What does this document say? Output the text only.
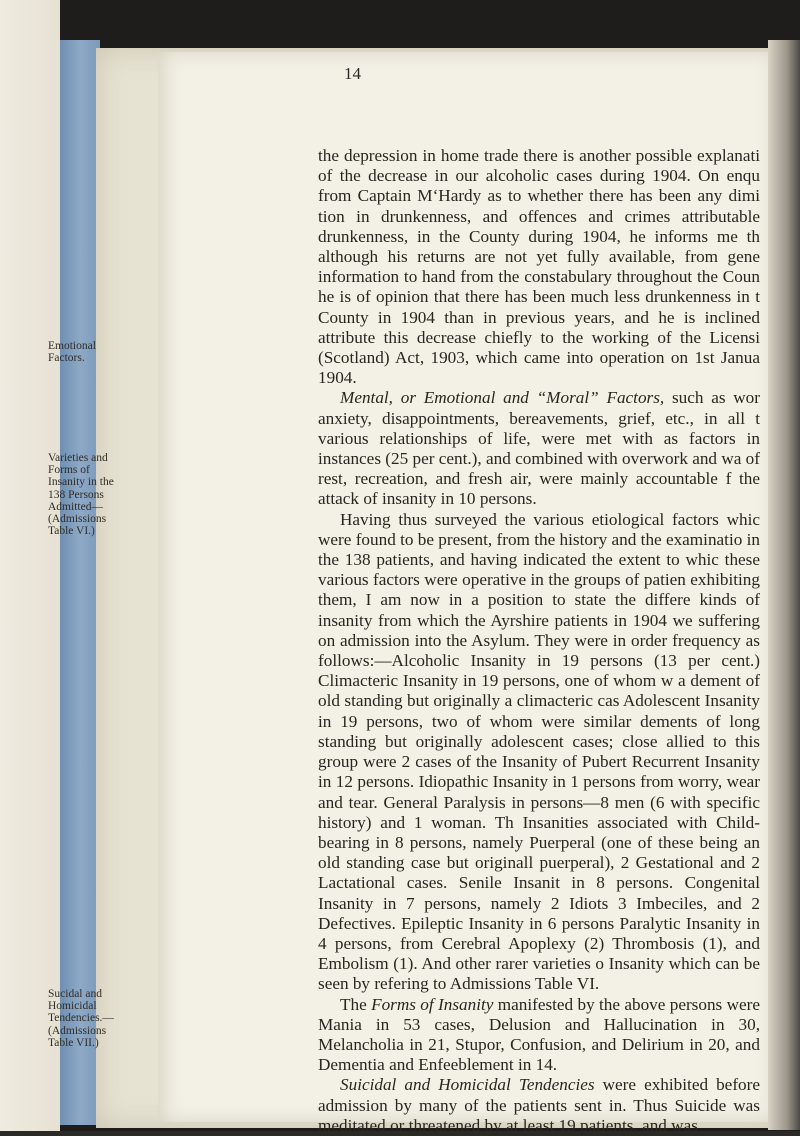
14
Emotional
Factors.
Varieties and
Forms of
Insanity in the
138 Persons
Admitted—
(Admissions
Table VI.)
Sucidal and
Homicidal
Tendencies.—
(Admissions
Table VII.)

the depression in home trade there is another possible explanati of the decrease in our alcoholic cases during 1904. On enqu from Captain M‘Hardy as to whether there has been any dimi tion in drunkenness, and offences and crimes attributable drunkenness, in the County during 1904, he informs me th although his returns are not yet fully available, from gene information to hand from the constabulary throughout the Coun he is of opinion that there has been much less drunkenness in t County in 1904 than in previous years, and he is inclined attribute this decrease chiefly to the working of the Licensi (Scotland) Act, 1903, which came into operation on 1st Janua 1904.

Mental, or Emotional and “Moral” Factors, such as wor anxiety, disappointments, bereavements, grief, etc., in all t various relationships of life, were met with as factors in instances (25 per cent.), and combined with overwork and wa of rest, recreation, and fresh air, were mainly accountable f the attack of insanity in 10 persons.

Having thus surveyed the various etiological factors whic were found to be present, from the history and the examinatio in the 138 patients, and having indicated the extent to whic these various factors were operative in the groups of patien exhibiting them, I am now in a position to state the differe kinds of insanity from which the Ayrshire patients in 1904 we suffering on admission into the Asylum. They were in order frequency as follows:—Alcoholic Insanity in 19 persons (13 per cent.) Climacteric Insanity in 19 persons, one of whom w a dement of old standing but originally a climacteric cas Adolescent Insanity in 19 persons, two of whom were similar dements of long standing but originally adolescent cases; close allied to this group were 2 cases of the Insanity of Pubert Recurrent Insanity in 12 persons. Idiopathic Insanity in 1 persons from worry, wear and tear. General Paralysis in persons—8 men (6 with specific history) and 1 woman. Th Insanities associated with Child-bearing in 8 persons, namely Puerperal (one of these being an old standing case but originall puerperal), 2 Gestational and 2 Lactational cases. Senile Insanit in 8 persons. Congenital Insanity in 7 persons, namely 2 Idiots 3 Imbeciles, and 2 Defectives. Epileptic Insanity in 6 persons Paralytic Insanity in 4 persons, from Cerebral Apoplexy (2) Thrombosis (1), and Embolism (1). And other rarer varieties o Insanity which can be seen by refering to Admissions Table VI.

The Forms of Insanity manifested by the above persons were Mania in 53 cases, Delusion and Hallucination in 30, Melancholia in 21, Stupor, Confusion, and Delirium in 20, and Dementia and Enfeeblement in 14.

Suicidal and Homicidal Tendencies were exhibited before admission by many of the patients sent in. Thus Suicide was meditated or threatened by at least 19 patients, and was
